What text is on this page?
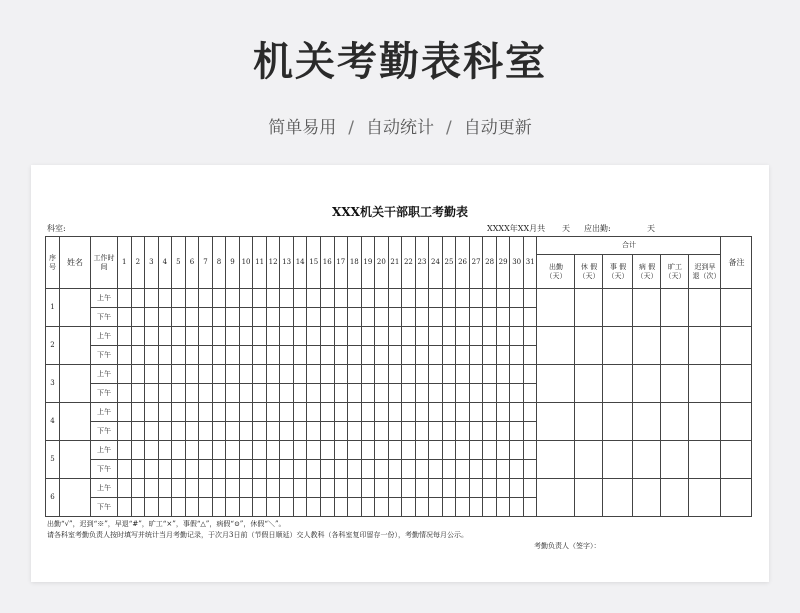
机关考勤表科室
简单易用 / 自动统计 / 自动更新
XXX机关干部职工考勤表
科室:	XXXX年XX月共 天 应出勤:	天
序号	姓名	工作时间	1	2	3	4	5	6	7	8	9	10	11	12	13	14	15	16	17	18	19	20	21	22	23	24	25	26	27	28	29	30	31	合计						备注
																																		出勤（天）	休 假（天）	事 假（天）	病 假（天）	旷工（天）	迟到早退（次）	
1		上午																																						
		下午																																						
2		上午																																						
		下午																																						
3		上午																																						
		下午																																						
4		上午																																						
		下午																																						
5		上午																																						
		下午																																						
6		上午																																						
		下午																																						
出勤“√”，迟到“※”，早退“#”，旷工“×”，事假“△”，病假“⊙”，休假“＼”。
请各科室考勤负责人按时填写并统计当月考勤记录，于次月3日前（节假日顺延）交人教科（各科室复印留存一份），考勤情况每月公示。
考勤负责人（签字）：
